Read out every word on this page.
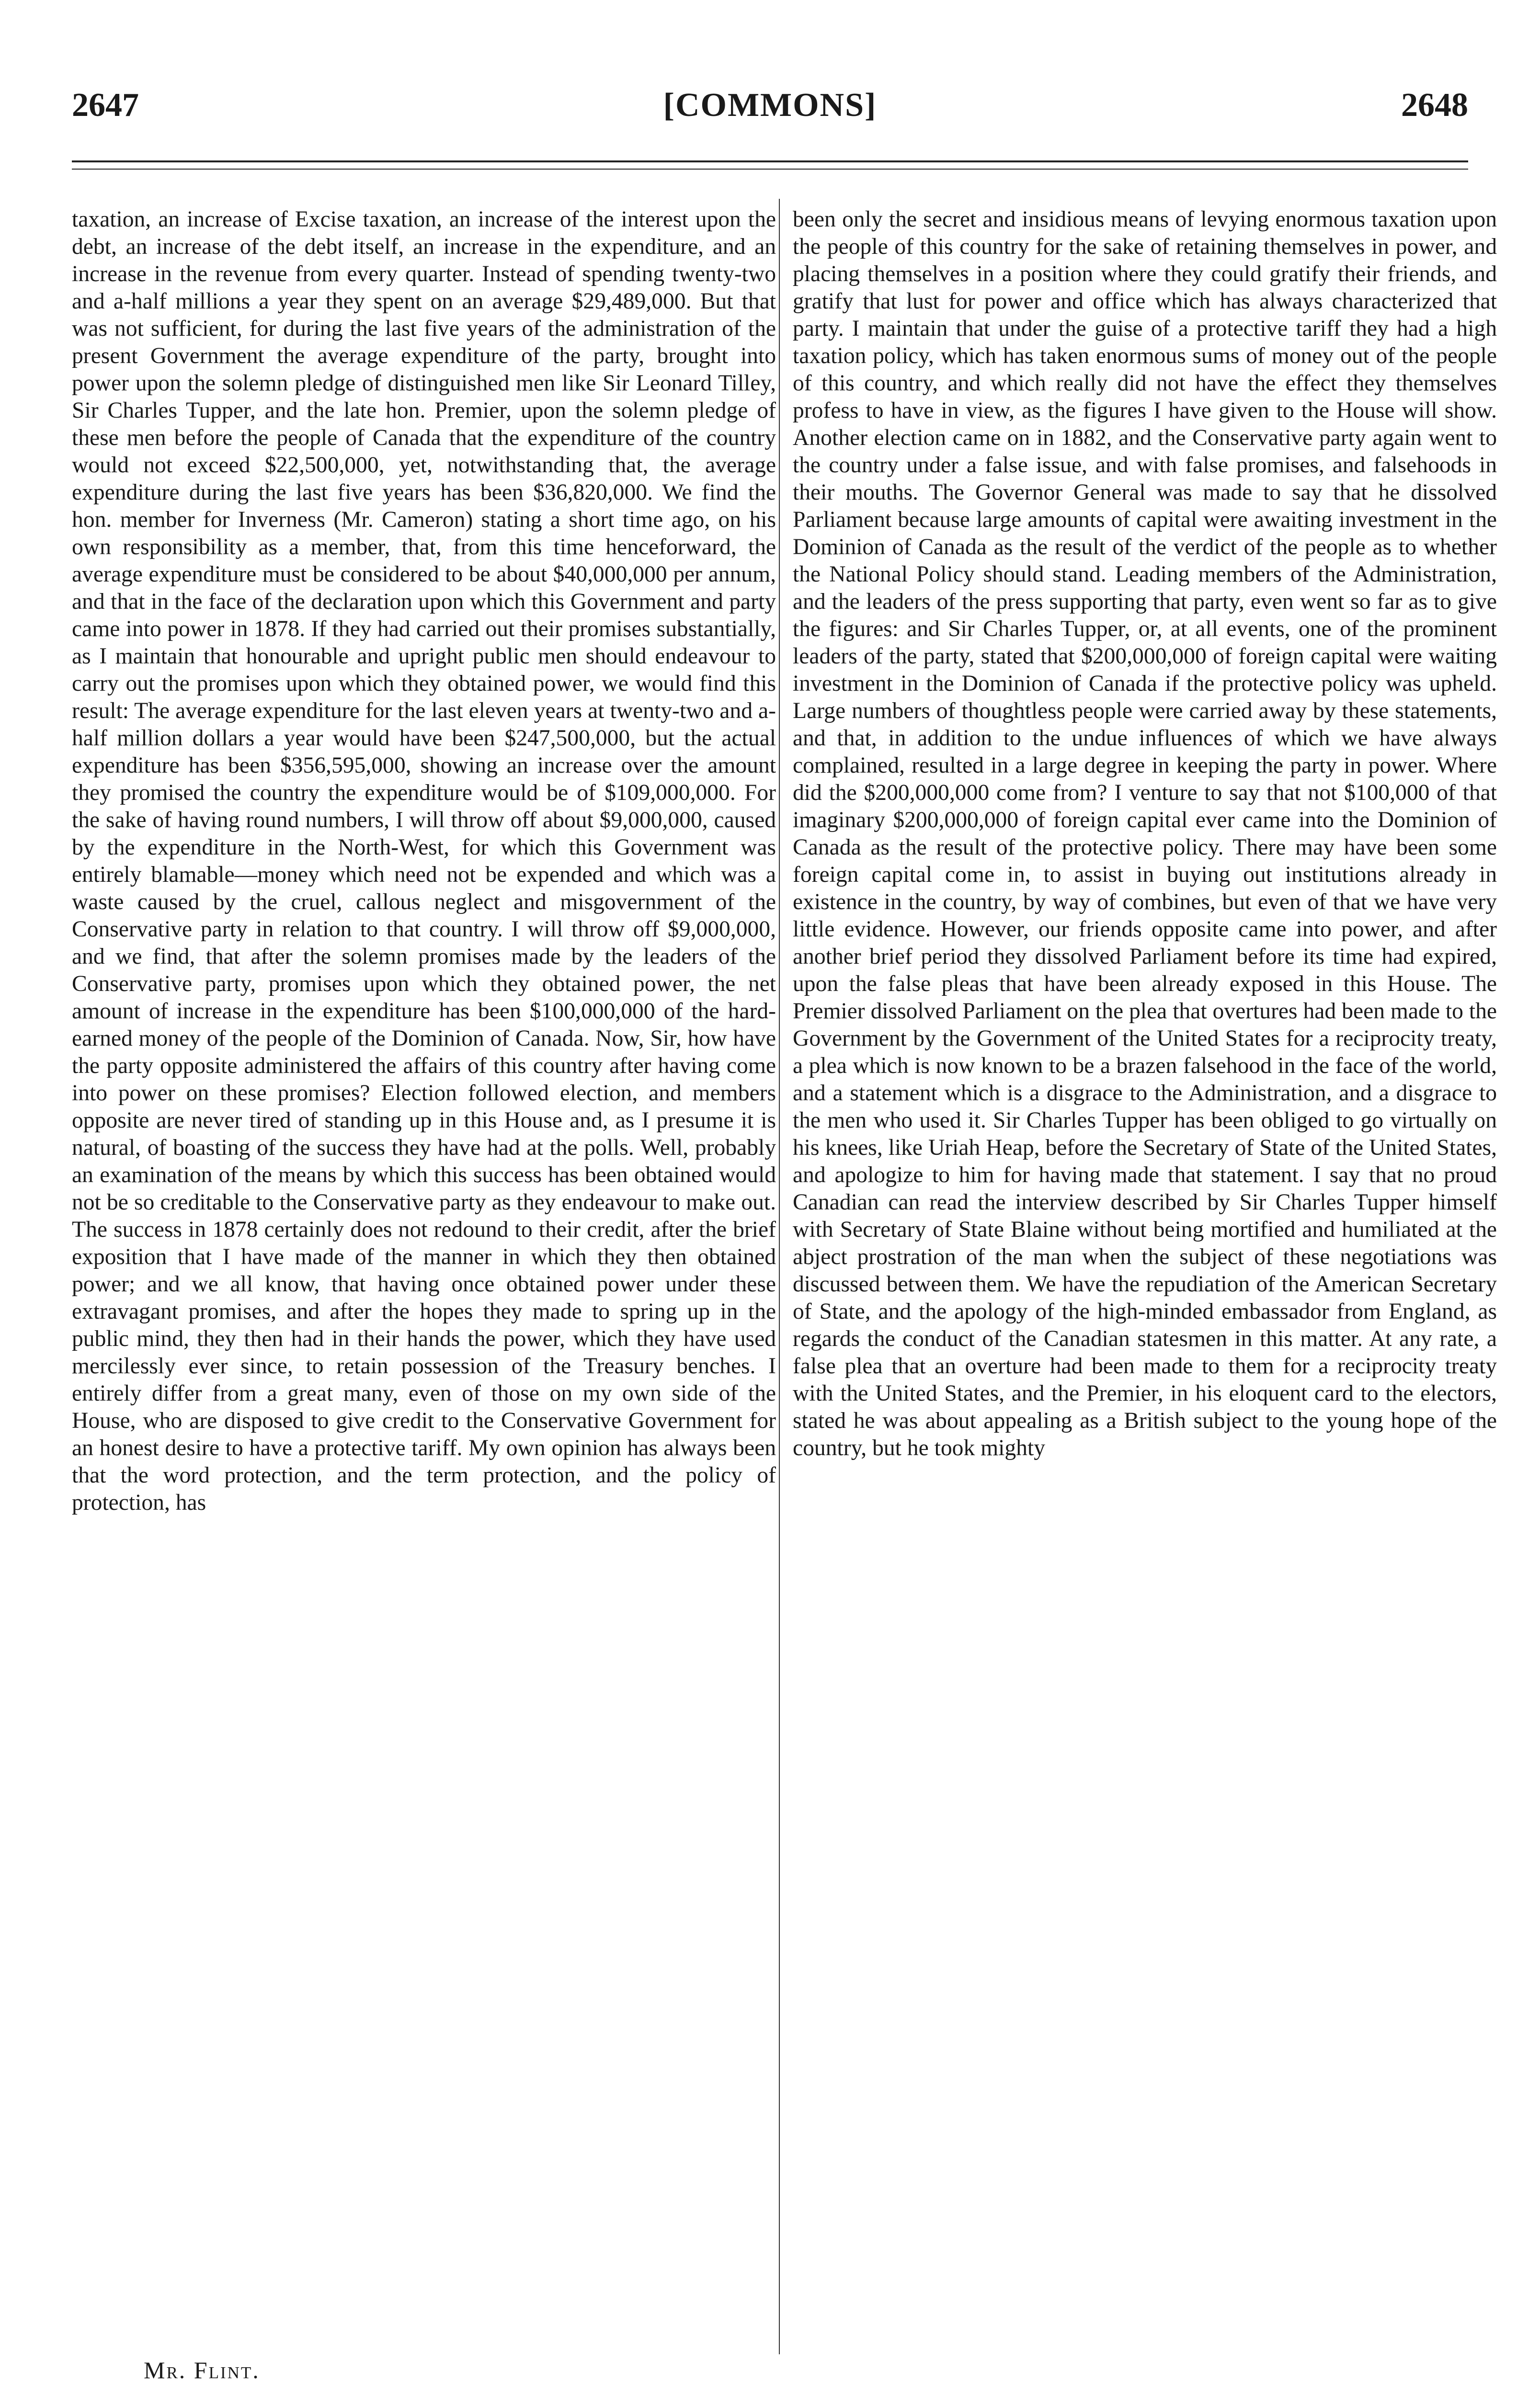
2647	[COMMONS]	2648

taxation, an increase of Excise taxation, an increase of the interest upon the debt, an increase of the debt itself, an increase in the expenditure, and an increase in the revenue from every quarter. Instead of spending twenty-two and a-half millions a year they spent on an average $29,489,000. But that was not sufficient, for during the last five years of the administration of the present Government the average expenditure of the party, brought into power upon the solemn pledge of distinguished men like Sir Leonard Tilley, Sir Charles Tupper, and the late hon. Premier, upon the solemn pledge of these men before the people of Canada that the expenditure of the country would not exceed $22,500,000, yet, notwithstanding that, the average expenditure during the last five years has been $36,820,000. We find the hon. member for Inverness (Mr. Cameron) stating a short time ago, on his own responsibility as a member, that, from this time henceforward, the average expenditure must be considered to be about $40,000,000 per annum, and that in the face of the declaration upon which this Government and party came into power in 1878. If they had carried out their promises substantially, as I maintain that honourable and upright public men should endeavour to carry out the promises upon which they obtained power, we would find this result: The average expenditure for the last eleven years at twenty-two and a-half million dollars a year would have been $247,500,000, but the actual expenditure has been $356,595,000, showing an increase over the amount they promised the country the expenditure would be of $109,000,000. For the sake of having round numbers, I will throw off about $9,000,000, caused by the expenditure in the North-West, for which this Government was entirely blamable—money which need not be expended and which was a waste caused by the cruel, callous neglect and misgovernment of the Conservative party in relation to that country. I will throw off $9,000,000, and we find, that after the solemn promises made by the leaders of the Conservative party, promises upon which they obtained power, the net amount of increase in the expenditure has been $100,000,000 of the hard-earned money of the people of the Dominion of Canada. Now, Sir, how have the party opposite administered the affairs of this country after having come into power on these promises? Election followed election, and members opposite are never tired of standing up in this House and, as I presume it is natural, of boasting of the success they have had at the polls. Well, probably an examination of the means by which this success has been obtained would not be so creditable to the Conservative party as they endeavour to make out. The success in 1878 certainly does not redound to their credit, after the brief exposition that I have made of the manner in which they then obtained power; and we all know, that having once obtained power under these extravagant promises, and after the hopes they made to spring up in the public mind, they then had in their hands the power, which they have used mercilessly ever since, to retain possession of the Treasury benches. I entirely differ from a great many, even of those on my own side of the House, who are disposed to give credit to the Conservative Government for an honest desire to have a protective tariff. My own opinion has always been that the word protection, and the term protection, and the policy of protection, has

been only the secret and insidious means of levying enormous taxation upon the people of this country for the sake of retaining themselves in power, and placing themselves in a position where they could gratify their friends, and gratify that lust for power and office which has always characterized that party. I maintain that under the guise of a protective tariff they had a high taxation policy, which has taken enormous sums of money out of the people of this country, and which really did not have the effect they themselves profess to have in view, as the figures I have given to the House will show. Another election came on in 1882, and the Conservative party again went to the country under a false issue, and with false promises, and falsehoods in their mouths. The Governor General was made to say that he dissolved Parliament because large amounts of capital were awaiting investment in the Dominion of Canada as the result of the verdict of the people as to whether the National Policy should stand. Leading members of the Administration, and the leaders of the press supporting that party, even went so far as to give the figures: and Sir Charles Tupper, or, at all events, one of the prominent leaders of the party, stated that $200,000,000 of foreign capital were waiting investment in the Dominion of Canada if the protective policy was upheld. Large numbers of thoughtless people were carried away by these statements, and that, in addition to the undue influences of which we have always complained, resulted in a large degree in keeping the party in power. Where did the $200,000,000 come from? I venture to say that not $100,000 of that imaginary $200,000,000 of foreign capital ever came into the Dominion of Canada as the result of the protective policy. There may have been some foreign capital come in, to assist in buying out institutions already in existence in the country, by way of combines, but even of that we have very little evidence. However, our friends opposite came into power, and after another brief period they dissolved Parliament before its time had expired, upon the false pleas that have been already exposed in this House. The Premier dissolved Parliament on the plea that overtures had been made to the Government by the Government of the United States for a reciprocity treaty, a plea which is now known to be a brazen falsehood in the face of the world, and a statement which is a disgrace to the Administration, and a disgrace to the men who used it. Sir Charles Tupper has been obliged to go virtually on his knees, like Uriah Heap, before the Secretary of State of the United States, and apologize to him for having made that statement. I say that no proud Canadian can read the interview described by Sir Charles Tupper himself with Secretary of State Blaine without being mortified and humiliated at the abject prostration of the man when the subject of these negotiations was discussed between them. We have the repudiation of the American Secretary of State, and the apology of the high-minded embassador from England, as regards the conduct of the Canadian statesmen in this matter. At any rate, a false plea that an overture had been made to them for a reciprocity treaty with the United States, and the Premier, in his eloquent card to the electors, stated he was about appealing as a British subject to the young hope of the country, but he took mighty

Mr. Flint.
